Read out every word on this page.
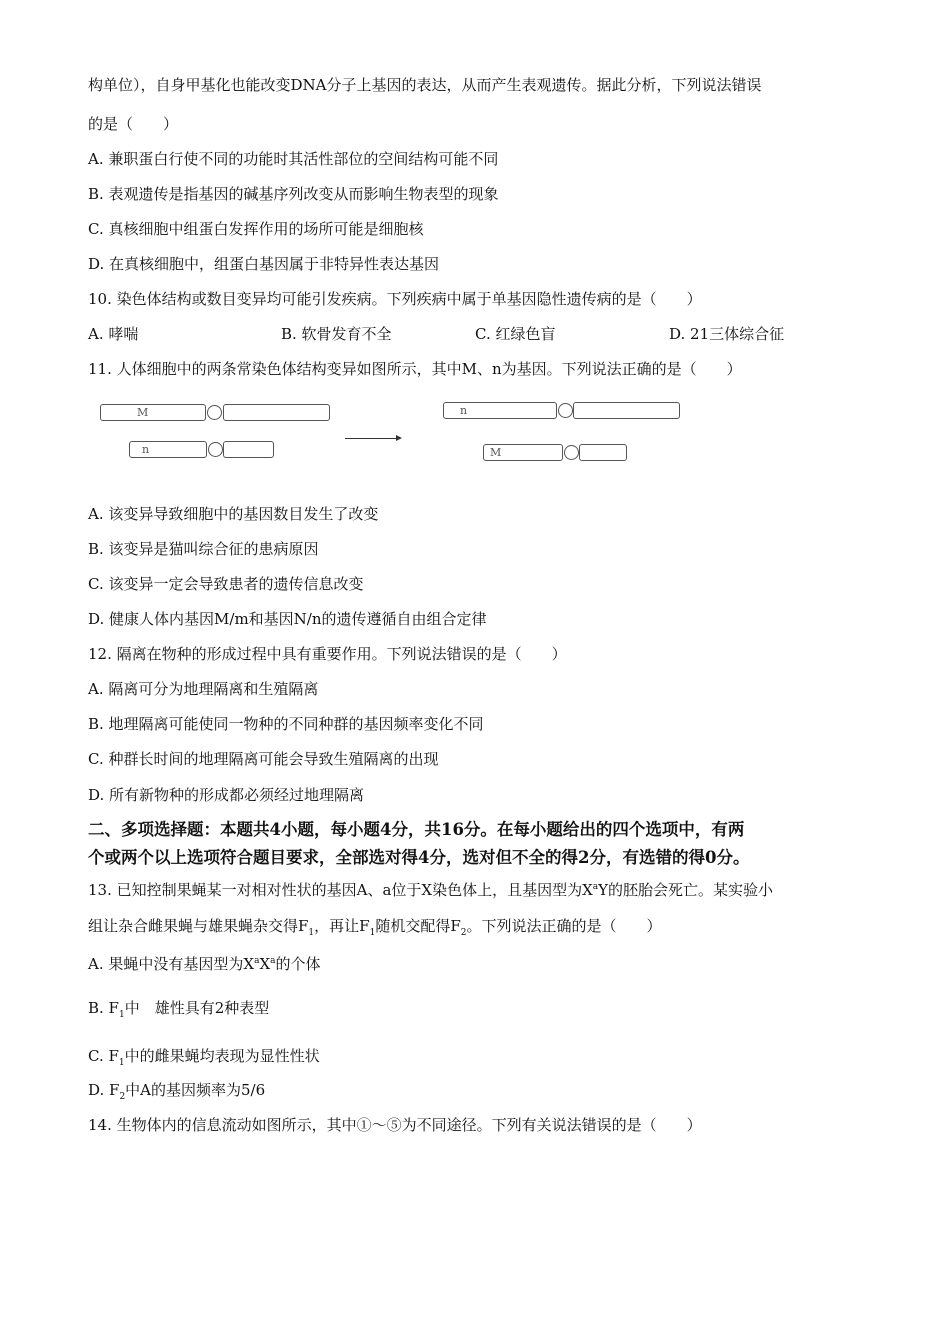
构单位），自身甲基化也能改变DNA分子上基因的表达，从而产生表观遗传。据此分析，下列说法错误
的是（　　）
A. 兼职蛋白行使不同的功能时其活性部位的空间结构可能不同
B. 表观遗传是指基因的碱基序列改变从而影响生物表型的现象
C. 真核细胞中组蛋白发挥作用的场所可能是细胞核
D. 在真核细胞中，组蛋白基因属于非特异性表达基因
10. 染色体结构或数目变异均可能引发疾病。下列疾病中属于单基因隐性遗传病的是（　　）
A. 哮喘	B. 软骨发育不全	C. 红绿色盲	D. 21三体综合征
11. 人体细胞中的两条常染色体结构变异如图所示，其中M、n为基因。下列说法正确的是（　　）
M
n
n
M
A. 该变异导致细胞中的基因数目发生了改变
B. 该变异是猫叫综合征的患病原因
C. 该变异一定会导致患者的遗传信息改变
D. 健康人体内基因M/m和基因N/n的遗传遵循自由组合定律
12. 隔离在物种的形成过程中具有重要作用。下列说法错误的是（　　）
A. 隔离可分为地理隔离和生殖隔离
B. 地理隔离可能使同一物种的不同种群的基因频率变化不同
C. 种群长时间的地理隔离可能会导致生殖隔离的出现
D. 所有新物种的形成都必须经过地理隔离
二、多项选择题：本题共4小题，每小题4分，共16分。在每小题给出的四个选项中，有两
个或两个以上选项符合题目要求，全部选对得4分，选对但不全的得2分，有选错的得0分。
13. 已知控制果蝇某一对相对性状的基因A、a位于X染色体上，且基因型为$X^aY$的胚胎会死亡。某实验小
组让杂合雌果蝇与雄果蝇杂交得$F_1$，再让$F_1$随机交配得$F_2$。下列说法正确的是（　　）
A. 果蝇中没有基因型为$X^aX^a$的个体
B. $F_1$中　雄性具有2种表型
C. $F_1$中的雌果蝇均表现为显性性状
D. $F_2$中A的基因频率为5/6
14. 生物体内的信息流动如图所示，其中①～⑤为不同途径。下列有关说法错误的是（　　）
